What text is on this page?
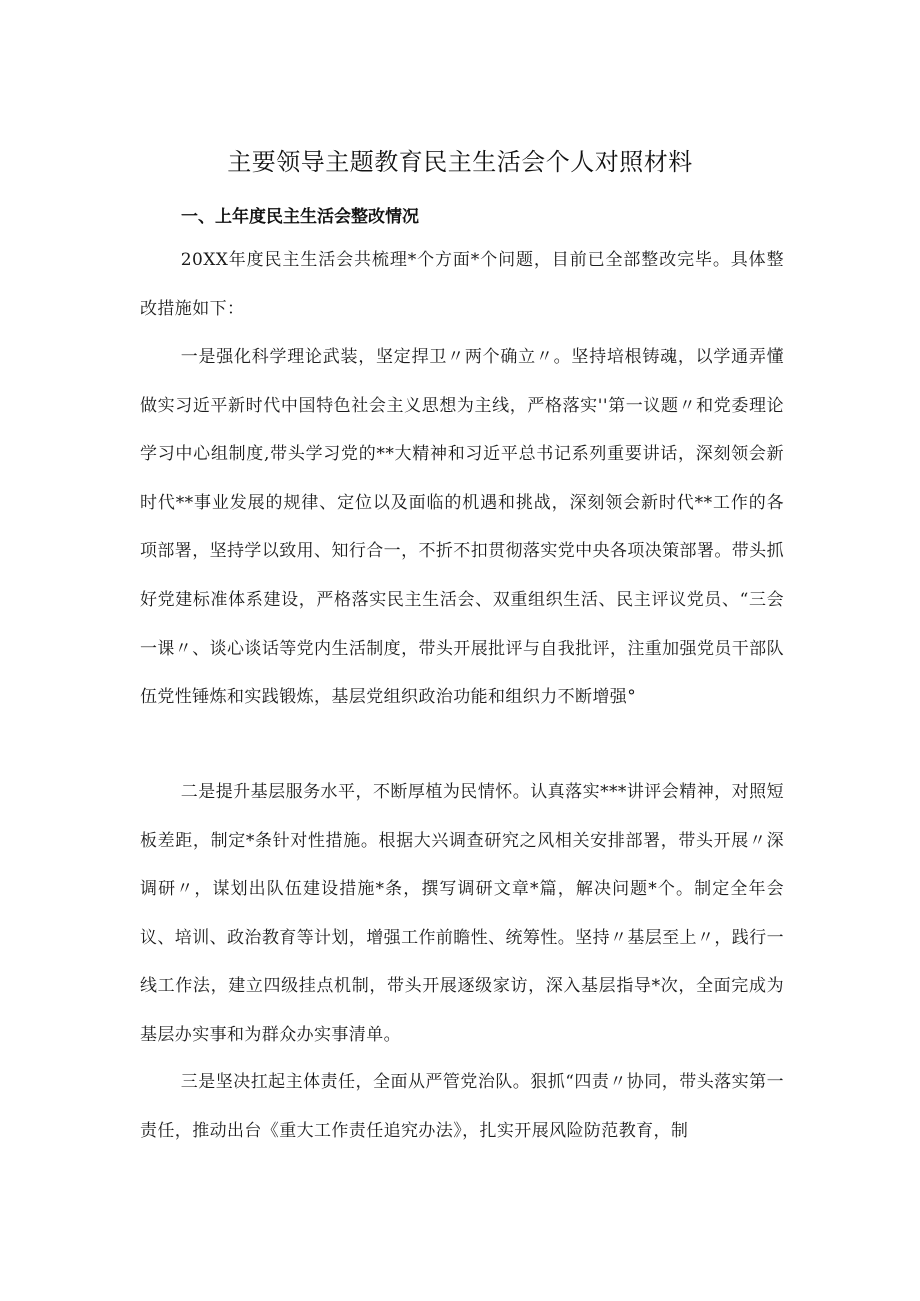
主要领导主题教育民主生活会个人对照材料
一、上年度民主生活会整改情况

20XX年度民主生活会共梳理*个方面*个问题，目前已全部整改完毕。具体整改措施如下：

一是强化科学理论武装，坚定捍卫〃两个确立〃。坚持培根铸魂，以学通弄懂做实习近平新时代中国特色社会主义思想为主线，严格落实''第一议题〃和党委理论学习中心组制度,带头学习党的**大精神和习近平总书记系列重要讲话，深刻领会新时代**事业发展的规律、定位以及面临的机遇和挑战，深刻领会新时代**工作的各项部署，坚持学以致用、知行合一，不折不扣贯彻落实党中央各项决策部署。带头抓好党建标准体系建设，严格落实民主生活会、双重组织生活、民主评议党员、“三会一课〃、谈心谈话等党内生活制度，带头开展批评与自我批评，注重加强党员干部队伍党性锤炼和实践锻炼，基层党组织政治功能和组织力不断增强°

二是提升基层服务水平，不断厚植为民情怀。认真落实***讲评会精神，对照短板差距，制定*条针对性措施。根据大兴调查研究之风相关安排部署，带头开展〃深调研〃，谋划出队伍建设措施*条，撰写调研文章*篇，解决问题*个。制定全年会议、培训、政治教育等计划，增强工作前瞻性、统筹性。坚持〃基层至上〃，践行一线工作法，建立四级挂点机制，带头开展逐级家访，深入基层指导*次，全面完成为基层办实事和为群众办实事清单。

三是坚决扛起主体责任，全面从严管党治队。狠抓“四责〃协同，带头落实第一责任，推动出台《重大工作责任追究办法》，扎实开展风险防范教育，制
